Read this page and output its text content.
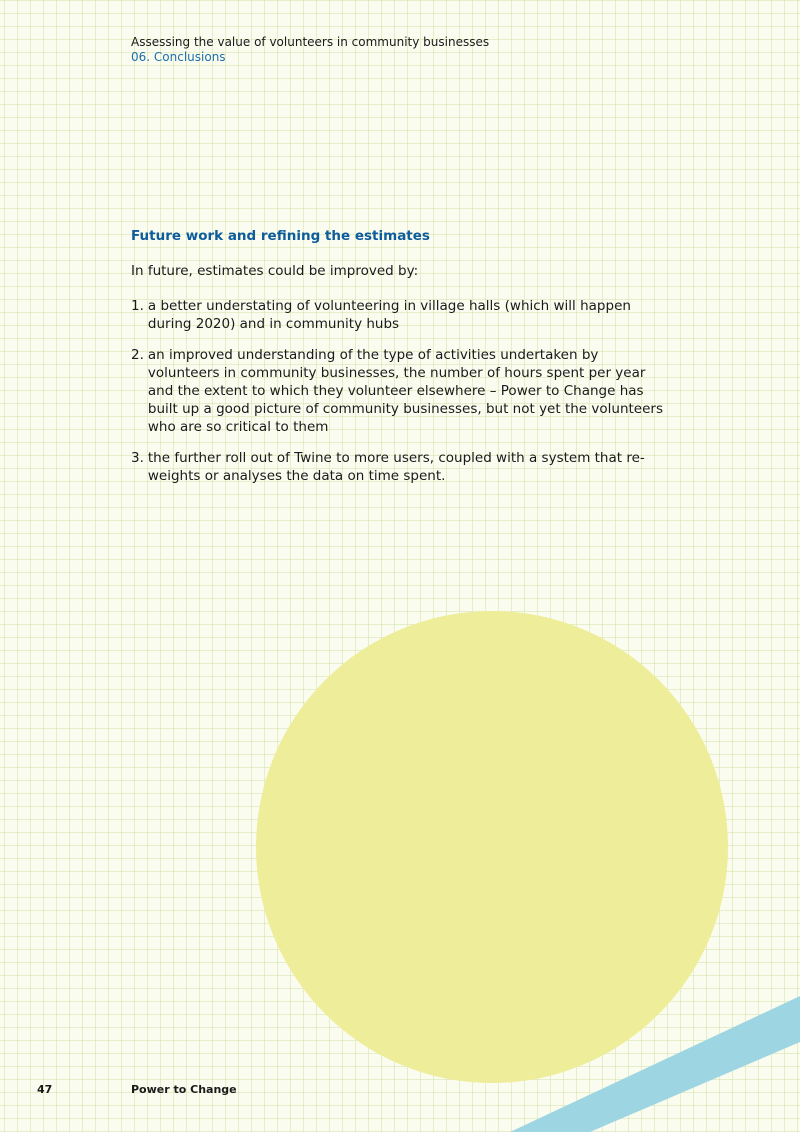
Assessing the value of volunteers in community businesses
06. Conclusions
Future work and refining the estimates

In future, estimates could be improved by:

1. a better understating of volunteering in village halls (which will happen during 2020) and in community hubs
2. an improved understanding of the type of activities undertaken by volunteers in community businesses, the number of hours spent per year and the extent to which they volunteer elsewhere – Power to Change has built up a good picture of community businesses, but not yet the volunteers who are so critical to them
3. the further roll out of Twine to more users, coupled with a system that re-weights or analyses the data on time spent.
47	Power to Change
